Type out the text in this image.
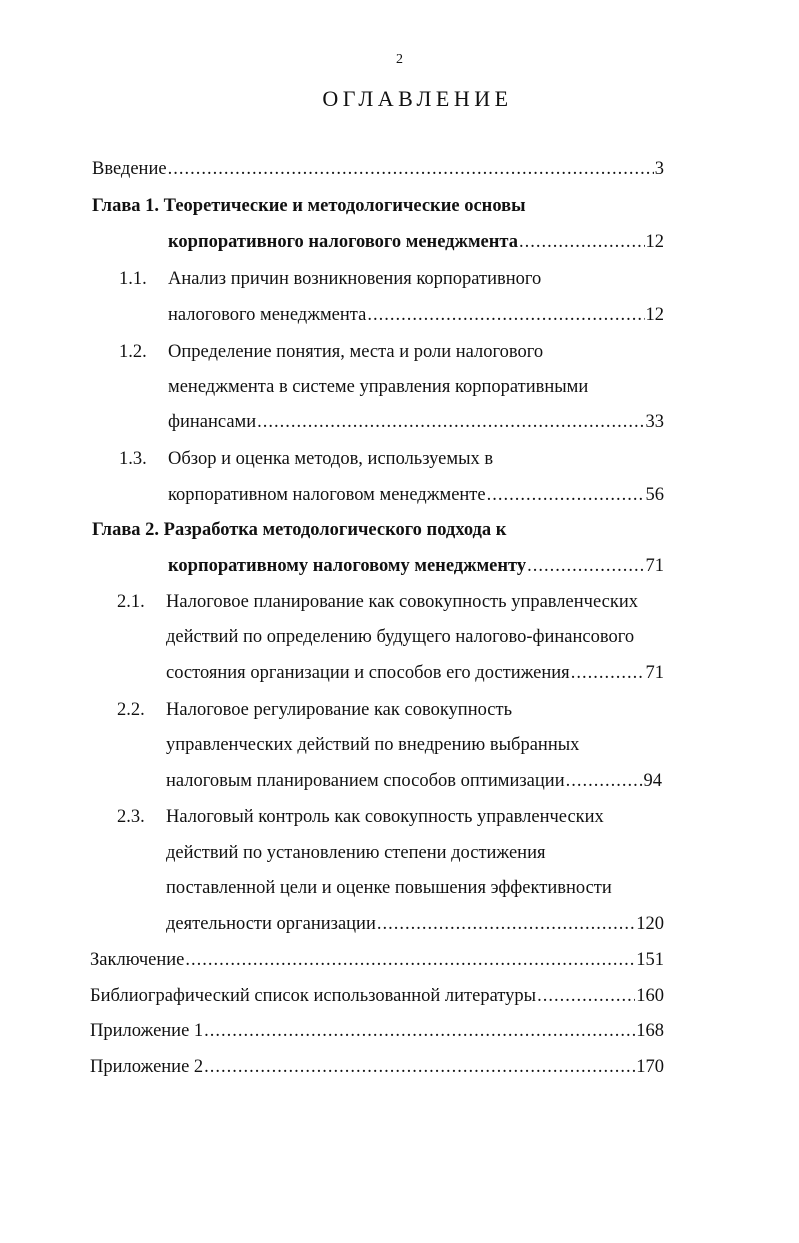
2
ОГЛАВЛЕНИЕ
Введение .....	3
Глава 1. Теоретические и методологические основы
корпоративного налогового менеджмента .....	12
1.1. Анализ причин возникновения корпоративного
налогового менеджмента .....	12
1.2. Определение понятия, места и роли налогового
менеджмента в системе управления корпоративными
финансами .....	33
1.3. Обзор и оценка методов, используемых в
корпоративном налоговом менеджменте .....	56
Глава 2. Разработка методологического подхода к
корпоративному налоговому менеджменту .....	71
2.1. Налоговое планирование как совокупность управленческих
действий по определению будущего налогово-финансового
состояния организации и способов его достижения .....	71
2.2. Налоговое регулирование как совокупность
управленческих действий по внедрению выбранных
налоговым планированием способов оптимизации .....	94
2.3. Налоговый контроль как совокупность управленческих
действий по установлению степени достижения
поставленной цели и оценке повышения эффективности
деятельности организации .....	120
Заключение .....	151
Библиографический список использованной литературы .....	160
Приложение 1 .....	168
Приложение 2 .....	170
